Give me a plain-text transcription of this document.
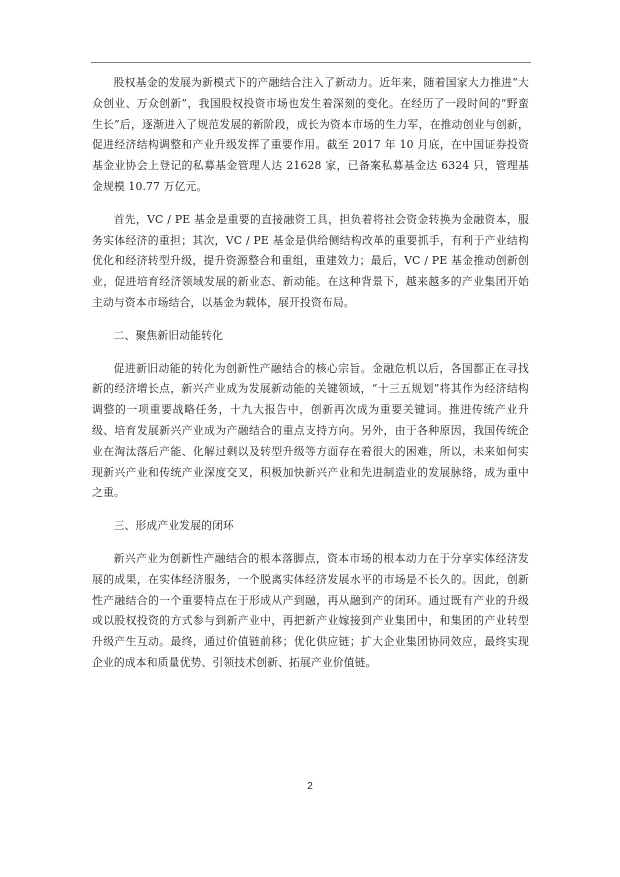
股权基金的发展为新模式下的产融结合注入了新动力。近年来，随着国家大力推进“大众创业、万众创新”，我国股权投资市场也发生着深刻的变化。在经历了一段时间的“野蛮生长”后，逐渐进入了规范发展的新阶段，成长为资本市场的生力军，在推动创业与创新，促进经济结构调整和产业升级发挥了重要作用。截至 2017 年 10 月底，在中国证券投资基金业协会上登记的私募基金管理人达 21628 家，已备案私募基金达 6324 只，管理基金规模 10.77 万亿元。

首先，VC / PE 基金是重要的直接融资工具，担负着将社会资金转换为金融资本，服务实体经济的重担；其次，VC / PE 基金是供给侧结构改革的重要抓手，有利于产业结构优化和经济转型升级，提升资源整合和重组，重建效力；最后，VC / PE 基金推动创新创业，促进培育经济领域发展的新业态、新动能。在这种背景下，越来越多的产业集团开始主动与资本市场结合，以基金为载体，展开投资布局。

二、聚焦新旧动能转化

促进新旧动能的转化为创新性产融结合的核心宗旨。金融危机以后，各国都正在寻找新的经济增长点，新兴产业成为发展新动能的关键领域，“十三五规划”将其作为经济结构调整的一项重要战略任务，十九大报告中，创新再次成为重要关键词。推进传统产业升级、培育发展新兴产业成为产融结合的重点支持方向。另外，由于各种原因，我国传统企业在淘汰落后产能、化解过剩以及转型升级等方面存在着很大的困难，所以，未来如何实现新兴产业和传统产业深度交叉，积极加快新兴产业和先进制造业的发展脉络，成为重中之重。

三、形成产业发展的闭环

新兴产业为创新性产融结合的根本落脚点，资本市场的根本动力在于分享实体经济发展的成果，在实体经济服务，一个脱离实体经济发展水平的市场是不长久的。因此，创新性产融结合的一个重要特点在于形成从产到融，再从融到产的闭环。通过既有产业的升级或以股权投资的方式参与到新产业中，再把新产业嫁接到产业集团中，和集团的产业转型升级产生互动。最终，通过价值链前移；优化供应链；扩大企业集团协同效应，最终实现企业的成本和质量优势、引领技术创新、拓展产业价值链。

2
